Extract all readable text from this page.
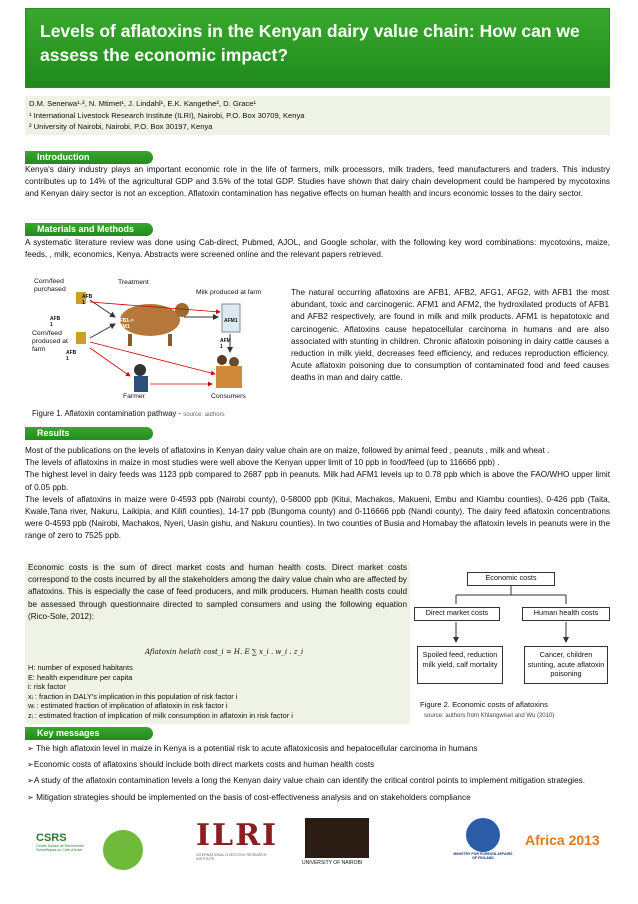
Levels of aflatoxins in the Kenyan dairy value chain: How can we assess the economic impact?
D.M. Senerwa¹·², N. Mtimet¹, J. Lindahl¹, E.K. Kangethe², D. Grace¹
¹ International Livestock Research Institute (ILRI), Nairobi, P.O. Box 30709, Kenya
² University of Nairobi, Nairobi, P.O. Box 30197, Kenya
Introduction
Kenya's dairy industry plays an important economic role in the life of farmers, milk processors, milk traders, feed manufacturers and traders. This industry contributes up to 14% of the agricultural GDP and 3.5% of the total GDP. Studies have shown that dairy chain development could be hampered by mycotoxins and Kenyan dairy sector is not an exception. Aflatoxin contamination has negative effects on human health and incurs economic losses to the dairy sector.
Materials and Methods
A systematic literature review was done using Cab-direct, Pubmed, AJOL, and Google scholar, with the following key word combinations: mycotoxins, maize, feeds, , milk, economics, Kenya. Abstracts were screened online and the relevant papers retrieved.
Corn/feed purchased
Treatment
Milk produced at farm
Corn/feed produced at farm
Farmer	Consumers
AFB 1
AFB 1
AFB 1
AFB1-> AFM1
AFM1
AFM 1
Figure 1. Aflatoxin contamination pathway - source: authors
The natural occurring aflatoxins are AFB1, AFB2, AFG1, AFG2, with AFB1 the most abundant, toxic and carcinogenic. AFM1 and AFM2, the hydroxilated products of AFB1 and AFB2 respectively, are found in milk and milk products. AFM1 is hepatotoxic and carcinogenic. Aflatoxins cause hepatocellular carcinoma in humans and are also associated with stunting in children. Chronic aflatoxin poisoning in dairy cattle causes a reduction in milk yield, decreases feed efficiency, and reduces reproduction efficiency. Acute aflatoxin poisoning due to consumption of contaminated food and feed causes deaths in man and dairy cattle.
Results
Most of the publications on the levels of aflatoxins in Kenyan dairy value chain are on maize, followed by animal feed , peanuts , milk and wheat .
The levels of aflatoxins in maize in most studies were well above the Kenyan upper limit of 10 ppb in food/feed (up to 116666 ppb) .
The highest level in dairy feeds was 1123 ppb compared to 2687 ppb in peanuts. Milk had AFM1 levels up to 0.78 ppb which is above the FAO/WHO upper limit of 0.05 ppb.
The levels of aflatoxins in maize were 0-4593 ppb (Nairobi county), 0-58000 ppb (Kitui, Machakos, Makueni, Embu and Kiambu counties), 0-426 ppb (Taita, Kwale,Tana river, Nakuru, Laikipia, and Kilifi counties), 14-17 ppb (Bungoma county) and 0-116666 ppb (Nandi county). The dairy feed aflatoxin concentrations were 0-4593 ppb (Nairobi, Machakos, Nyeri, Uasin gishu, and Nakuru counties). In two counties of Busia and Homabay the aflatoxin levels in peanuts were in the range of zero to 7525 ppb.
Economic costs is the sum of direct market costs and human health costs. Direct market costs correspond to the costs incurred by all the stakeholders among the dairy value chain who are affected by aflatoxins. This is especially the case of feed producers, and milk producers. Human health costs could be assessed through questionnaire directed to sampled consumers and using the following equation (Rico-Sole, 2012):
Aflatoxin helath cost_i = H. E ∑ x_i . w_i . z_i
H: number of exposed habitants
E: health expenditure per capita
i: risk factor
xᵢ : fraction in DALY's implication in this population of risk factor i
wᵢ : estimated fraction of implication of aflatoxin in risk factor i
zᵢ : estimated fraction of implication of milk consumption in aflatoxin in risk factor i
Economic costs
Direct market costs	Human health costs
Spoiled feed, reduction milk yield, calf mortality
Cancer, children stunting, acute aflatoxin poisoning
Figure 2. Economic costs of aflatoxins
source: authors from Khlangwiset and Wu (2010)
Key messages
➢ The high aflatoxin level in maize in Kenya is a potential risk to acute aflatoxicosis and hepatocellular carcinoma in humans
➢Economic costs of aflatoxins should include both direct markets costs and human health costs
➢A study of the aflatoxin contamination levels a long the Kenyan dairy value chain can identify the critical control points to implement mitigation strategies.
➢ Mitigation strategies should be implemented on the basis of cost-effectiveness analysis and on stakeholders compliance
CSRS
Centre Suisse de Recherches Scientifiques en Côte d'Ivoire	ILRI
INTERNATIONAL LIVESTOCK RESEARCH INSTITUTE
UNIVERSITY OF NAIROBI
MINISTRY FOR FOREIGN AFFAIRS OF FINLAND
Africa 2013
